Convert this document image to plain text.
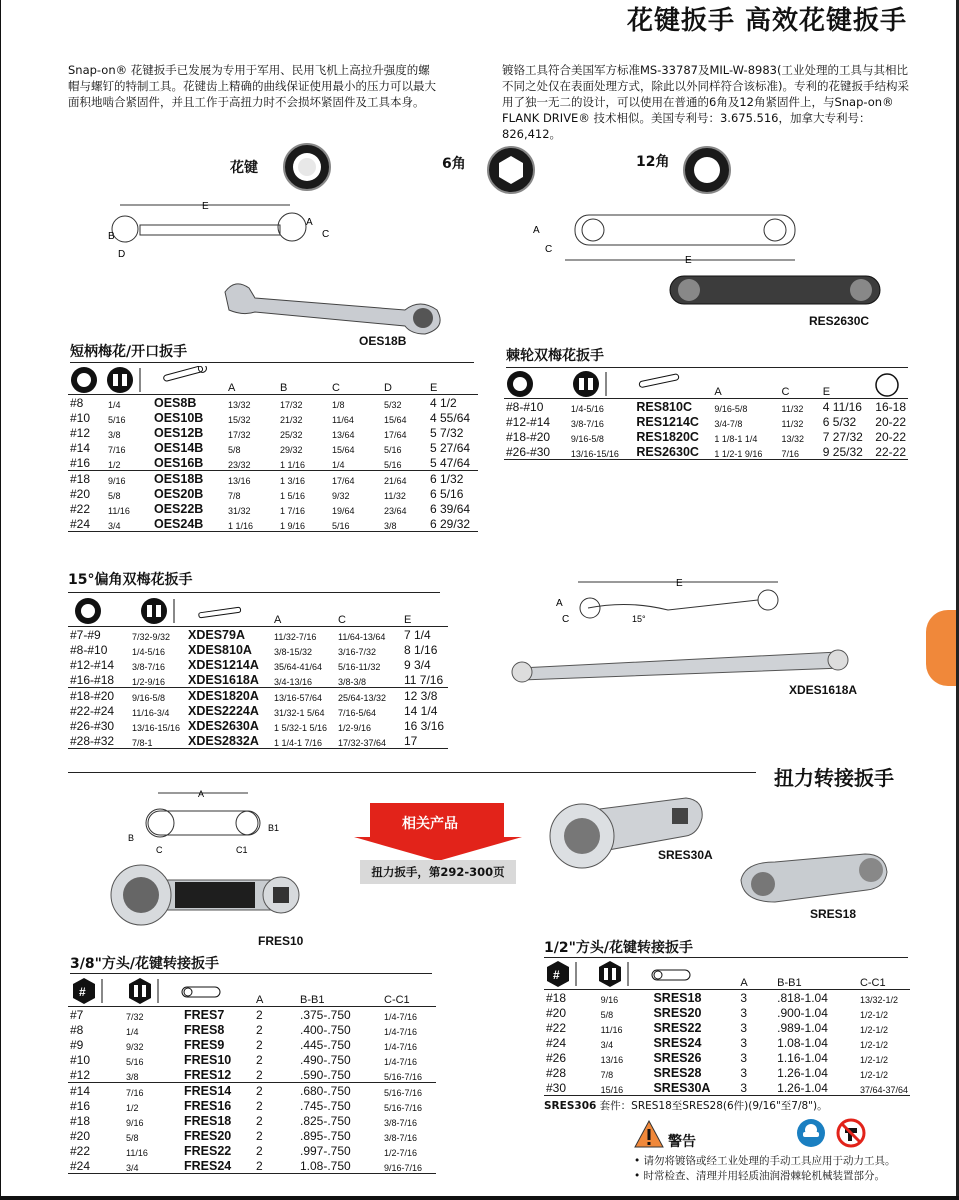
花键扳手 高效花键扳手
Snap-on® 花键扳手已发展为专用于军用、民用飞机上高拉升强度的螺帽与螺钉的特制工具。花键齿上精确的曲线保证使用最小的压力可以最大面积地啮合紧固件，并且工作于高扭力时不会损坏紧固件及工具本身。
镀铬工具符合美国军方标准MS-33787及MIL-W-8983(工业处理的工具与其相比不同之处仅在表面处理方式，除此以外同样符合该标准)。专利的花键扳手结构采用了独一无二的设计，可以使用在普通的6角及12角紧固件上，与Snap-on® FLANK DRIVE® 技术相似。美国专利号：3.675.516，加拿大专利号：826,412。
花键	6角	12角
E
B
A
C
D
OES18B
A
C
E
RES2630C
短柄梅花/开口扳手
			A	B	C	D	E
#8	1/4	OES8B	13/32	17/32	1/8	5/32	4 1/2
#10	5/16	OES10B	15/32	21/32	11/64	15/64	4 55/64
#12	3/8	OES12B	17/32	25/32	13/64	17/64	5 7/32
#14	7/16	OES14B	5/8	29/32	15/64	5/16	5 27/64
#16	1/2	OES16B	23/32	1 1/16	1/4	5/16	5 47/64
#18	9/16	OES18B	13/16	1 3/16	17/64	21/64	6 1/32
#20	5/8	OES20B	7/8	1 5/16	9/32	11/32	6 5/16
#22	11/16	OES22B	31/32	1 7/16	19/64	23/64	6 39/64
#24	3/4	OES24B	1 1/16	1 9/16	5/16	3/8	6 29/32
棘轮双梅花扳手
			A	C	E	
#8-#10	1/4-5/16	RES810C	9/16-5/8	11/32	4 11/16	16-18
#12-#14	3/8-7/16	RES1214C	3/4-7/8	11/32	6 5/32	20-22
#18-#20	9/16-5/8	RES1820C	1 1/8-1 1/4	13/32	7 27/32	20-22
#26-#30	13/16-15/16	RES2630C	1 1/2-1 9/16	7/16	9 25/32	22-22
15°偏角双梅花扳手
			A	C	E
#7-#9	7/32-9/32	XDES79A	11/32-7/16	11/64-13/64	7 1/4
#8-#10	1/4-5/16	XDES810A	3/8-15/32	3/16-7/32	8 1/16
#12-#14	3/8-7/16	XDES1214A	35/64-41/64	5/16-11/32	9 3/4
#16-#18	1/2-9/16	XDES1618A	3/4-13/16	3/8-3/8	11 7/16
#18-#20	9/16-5/8	XDES1820A	13/16-57/64	25/64-13/32	12 3/8
#22-#24	11/16-3/4	XDES2224A	31/32-1 5/64	7/16-5/64	14 1/4
#26-#30	13/16-15/16	XDES2630A	1 5/32-1 5/16	1/2-9/16	16 3/16
#28-#32	7/8-1	XDES2832A	1 1/4-1 7/16	17/32-37/64	17
E
A
C	15°
XDES1618A
扭力转接扳手
A
B
B1
C	C1
FRES10
相关产品
扭力扳手，第292-300页
SRES30A
SRES18
3/8"方头/花键转接扳手
#
			A	B-B1	C-C1
#7	7/32	FRES7	2	.375-.750	1/4-7/16
#8	1/4	FRES8	2	.400-.750	1/4-7/16
#9	9/32	FRES9	2	.445-.750	1/4-7/16
#10	5/16	FRES10	2	.490-.750	1/4-7/16
#12	3/8	FRES12	2	.590-.750	5/16-7/16
#14	7/16	FRES14	2	.680-.750	5/16-7/16
#16	1/2	FRES16	2	.745-.750	5/16-7/16
#18	9/16	FRES18	2	.825-.750	3/8-7/16
#20	5/8	FRES20	2	.895-.750	3/8-7/16
#22	11/16	FRES22	2	.997-.750	1/2-7/16
#24	3/4	FRES24	2	1.08-.750	9/16-7/16
1/2"方头/花键转接扳手
#
			A	B-B1	C-C1
#18	9/16	SRES18	3	.818-1.04	13/32-1/2
#20	5/8	SRES20	3	.900-1.04	1/2-1/2
#22	11/16	SRES22	3	.989-1.04	1/2-1/2
#24	3/4	SRES24	3	1.08-1.04	1/2-1/2
#26	13/16	SRES26	3	1.16-1.04	1/2-1/2
#28	7/8	SRES28	3	1.26-1.04	1/2-1/2
#30	15/16	SRES30A	3	1.26-1.04	37/64-37/64
SRES306 套件：SRES18至SRES28(6件)(9/16"至7/8")。
警告
• 请勿将镀铬或经工业处理的手动工具应用于动力工具。
• 时常检查、清理并用轻质油润滑棘轮机械装置部分。
